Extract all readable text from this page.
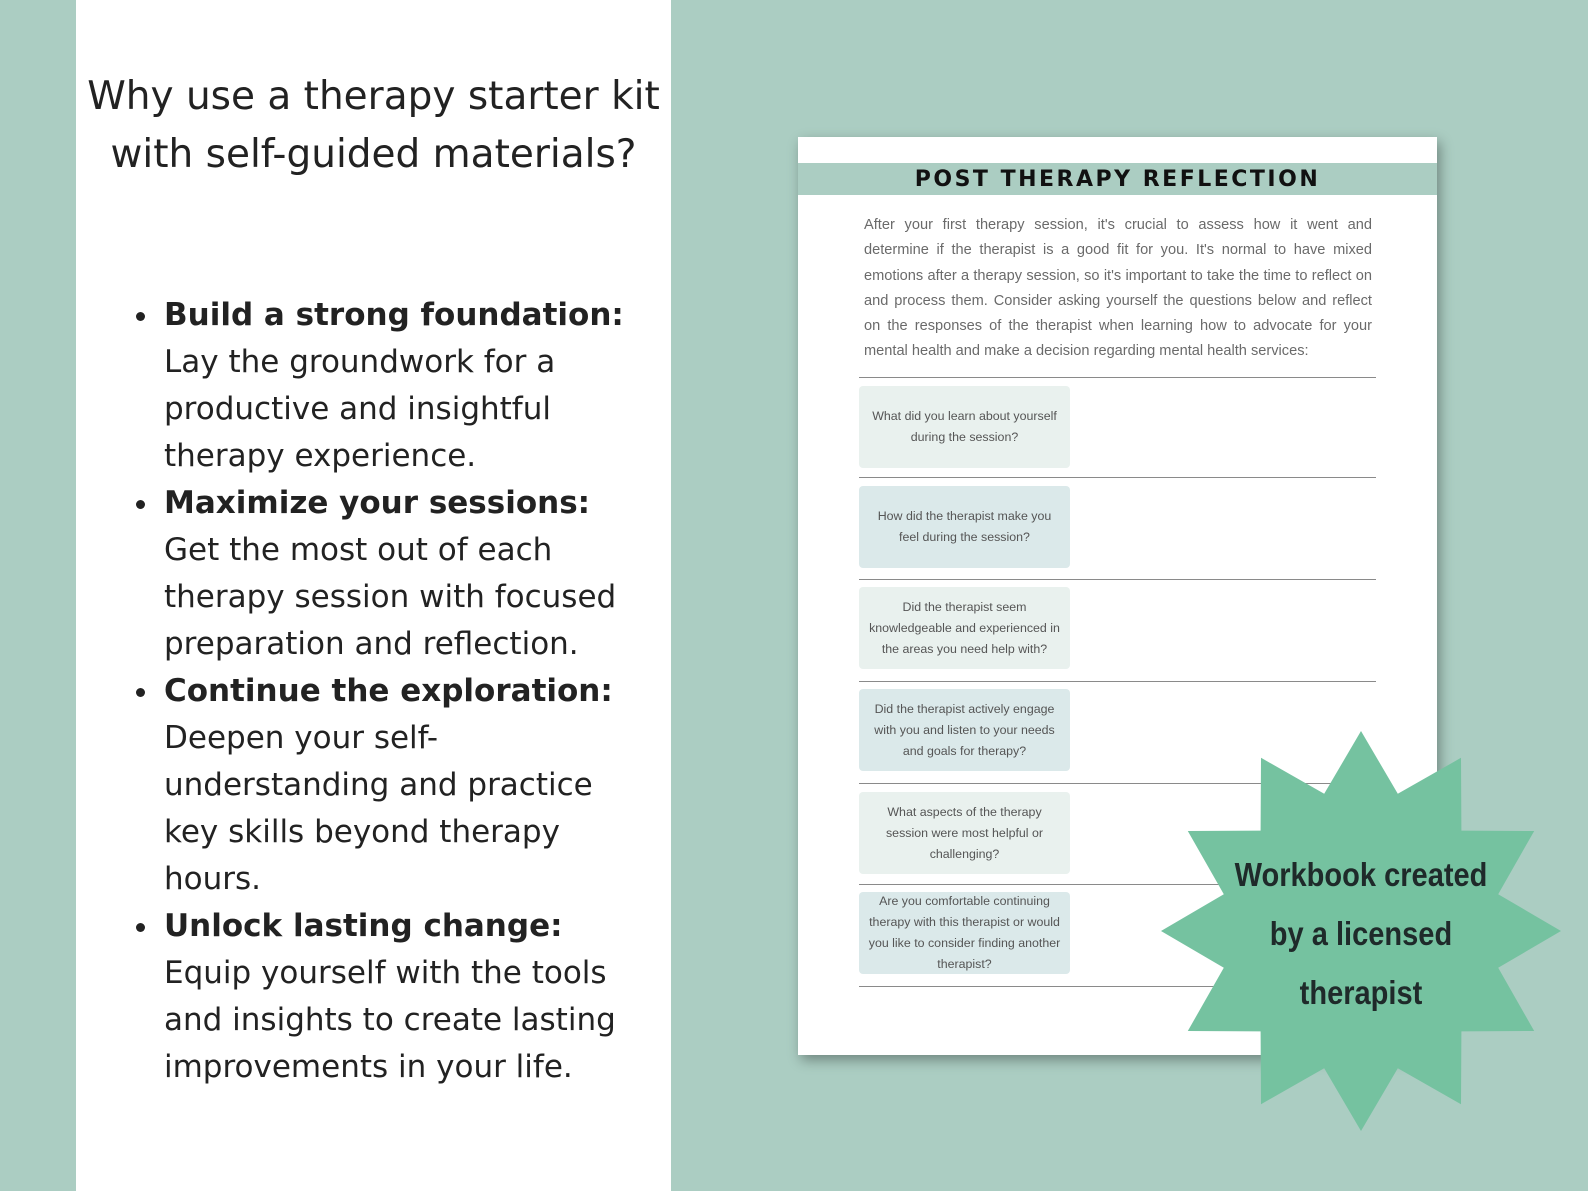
Why use a therapy starter kit with self-guided materials?
Build a strong foundation: Lay the groundwork for a productive and insightful therapy experience.
Maximize your sessions: Get the most out of each therapy session with focused preparation and reflection.
Continue the exploration: Deepen your self-understanding and practice key skills beyond therapy hours.
Unlock lasting change: Equip yourself with the tools and insights to create lasting improvements in your life.
POST THERAPY REFLECTION

After your first therapy session, it's crucial to assess how it went and determine if the therapist is a good fit for you. It's normal to have mixed emotions after a therapy session, so it's important to take the time to reflect on and process them. Consider asking yourself the questions below and reflect on the responses of the therapist when learning how to advocate for your mental health and make a decision regarding mental health services:

What did you learn about yourself during the session?
How did the therapist make you feel during the session?
Did the therapist seem knowledgeable and experienced in the areas you need help with?
Did the therapist actively engage with you and listen to your needs and goals for therapy?
What aspects of the therapy session were most helpful or challenging?
Are you comfortable continuing therapy with this therapist or would you like to consider finding another therapist?

Workbook created by a licensed therapist
